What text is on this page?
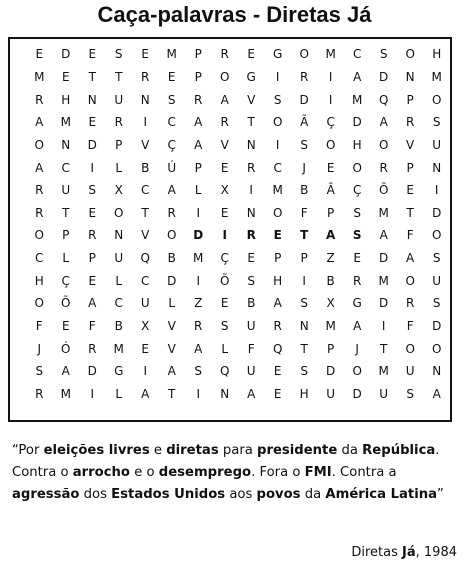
Caça-palavras - Diretas Já
E	D	E	S	E	M	P	R	E	G	O	M	C	S	O	H
M	E	T	T	R	E	P	O	G	I	R	I	A	D	N	M
R	H	N	U	N	S	R	A	V	S	D	I	M	Q	P	O
A	M	E	R	I	C	A	R	T	O	Ã	Ç	D	A	R	S
O	N	D	P	V	Ç	A	V	N	I	S	O	H	O	V	U
A	C	I	L	B	Ú	P	E	R	C	J	E	O	R	P	N
R	U	S	X	C	A	L	X	I	M	B	Ã	Ç	Õ	E	I
R	T	E	O	T	R	I	E	N	O	F	P	S	M	T	D
O	P	R	N	V	O	D	I	R	E	T	A	S	A	F	O
C	L	P	U	Q	B	M	Ç	E	P	P	Z	E	D	A	S
H	Ç	E	L	C	D	I	Õ	S	H	I	B	R	M	O	U
O	Õ	A	C	U	L	Z	E	B	A	S	X	G	D	R	S
F	E	F	B	X	V	R	S	U	R	N	M	A	I	F	D
J	Ó	R	M	E	V	A	L	F	Q	T	P	J	T	O	O
S	A	D	G	I	A	S	Q	U	E	S	D	O	M	U	N
R	M	I	L	A	T	I	N	A	E	H	U	D	U	S	A
“Por eleições livres e diretas para presidente da República.
Contra o arrocho e o desemprego. Fora o FMI. Contra a
agressão dos Estados Unidos aos povos da América Latina”
Diretas Já, 1984
